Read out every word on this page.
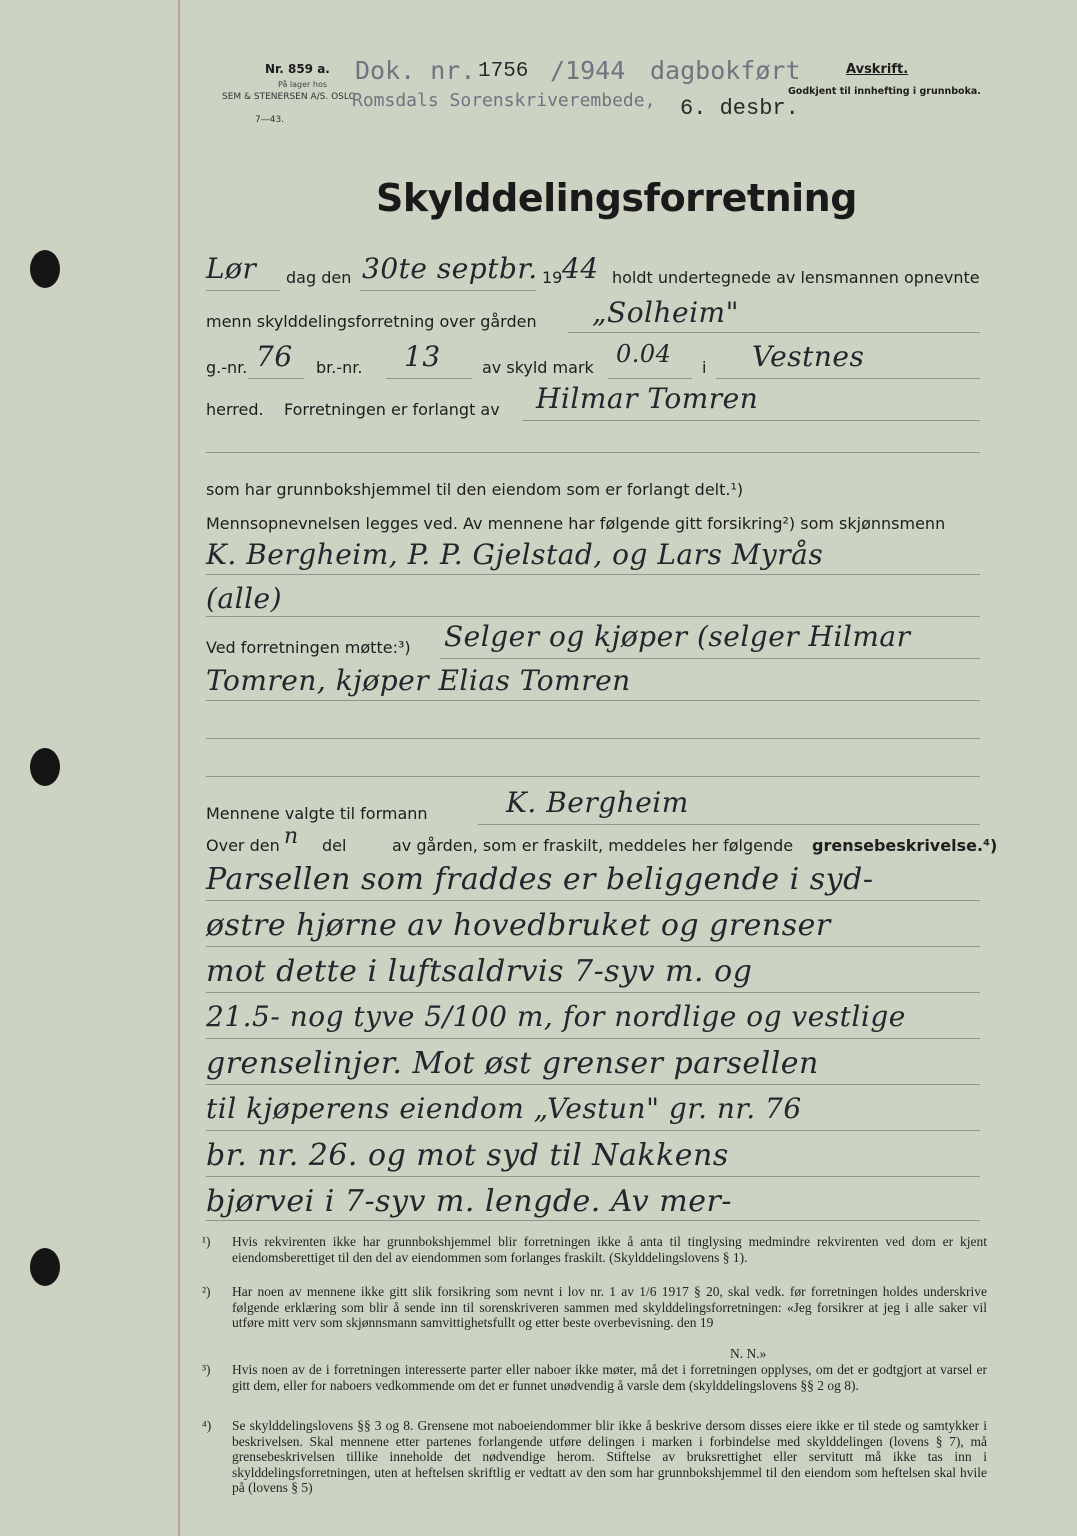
Nr. 859 a.
På lager hos
SEM & STENERSEN A/S. OSLO
7—43.
Dok. nr. 1756 /1944 dagbokført
Romsdals Sorenskriverembede, 6. desbr.
Avskrift.
Godkjent til innhefting i grunnboka.
Skylddelingsforretning
Lør dag den 30te septbr. 19 44 holdt undertegnede av lensmannen opnevnte
menn skylddelingsforretning over gården „Solheim"
g.-nr. 76 br.-nr. 13	av skyld mark 0.04 i Vestnes
herred. Forretningen er forlangt av Hilmar Tomren
som har grunnbokshjemmel til den eiendom som er forlangt delt.¹)
Mennsopnevnelsen legges ved. Av mennene har følgende gitt forsikring²) som skjønnsmenn
K. Bergheim, P. P. Gjelstad, og Lars Myrås
(alle)
Ved forretningen møtte:³) Selger og kjøper (selger Hilmar
Tomren, kjøper Elias Tomren
Mennene valgte til formann	K. Bergheim
Over den n del	av gården, som er fraskilt, meddeles her følgende grensebeskrivelse.⁴)
Parsellen som fraddes er beliggende i syd-
østre hjørne av hovedbruket og grenser
mot dette i luftsaldrvis 7-syv m. og
21.5- nog tyve 5/100 m, for nordlige og vestlige
grenselinjer. Mot øst grenser parsellen
til kjøperens eiendom „Vestun" gr. nr. 76
br. nr. 26. og mot syd til Nakkens
bjørvei i 7-syv m. lengde. Av mer-
¹) Hvis rekvirenten ikke har grunnbokshjemmel blir forretningen ikke å anta til tinglysing medmindre rekvirenten ved dom er kjent eiendomsberettiget til den del av eiendommen som forlanges fraskilt. (Skylddelingslovens § 1).
²) Har noen av mennene ikke gitt slik forsikring som nevnt i lov nr. 1 av 1/6 1917 § 20, skal vedk. før forretningen holdes underskrive følgende erklæring som blir å sende inn til sorenskriveren sammen med skylddelingsforretningen: «Jeg forsikrer at jeg i alle saker vil utføre mitt verv som skjønnsmann samvittighetsfullt og etter beste overbevisning. den 19
N. N.»
³) Hvis noen av de i forretningen interesserte parter eller naboer ikke møter, må det i forretningen opplyses, om det er godtgjort at varsel er gitt dem, eller for naboers vedkommende om det er funnet unødvendig å varsle dem (skylddelingslovens §§ 2 og 8).
⁴) Se skylddelingslovens §§ 3 og 8. Grensene mot naboeiendommer blir ikke å beskrive dersom disses eiere ikke er til stede og samtykker i beskrivelsen. Skal mennene etter partenes forlangende utføre delingen i marken i forbindelse med skylddelingen (lovens § 7), må grensebeskrivelsen tillike inneholde det nødvendige herom. Stiftelse av bruksrettighet eller servitutt må ikke tas inn i skylddelingsforretningen, uten at heftelsen skriftlig er vedtatt av den som har grunnbokshjemmel til den eiendom som heftelsen skal hvile på (lovens § 5)
